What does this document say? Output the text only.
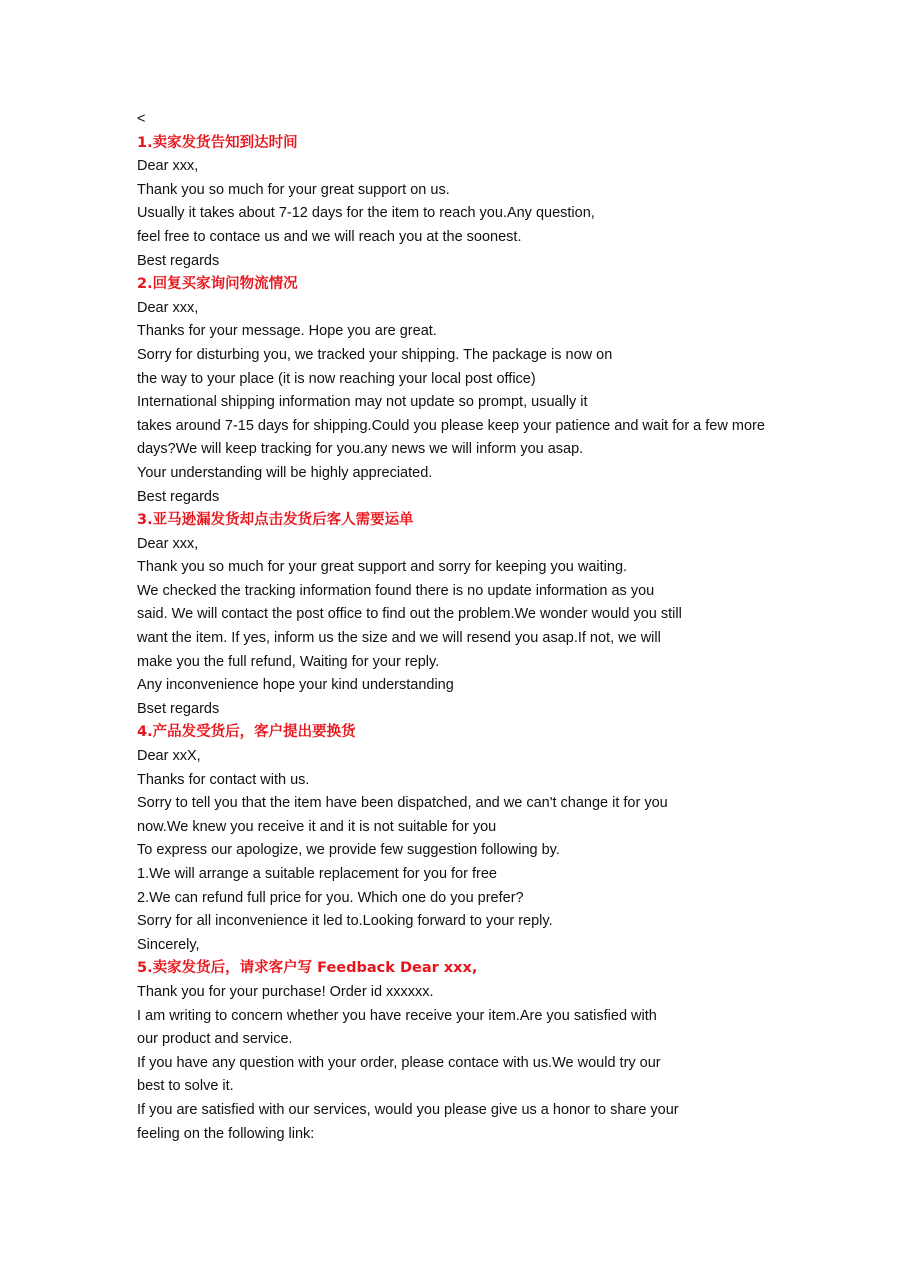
<
1.卖家发货告知到达时间
Dear xxx,
Thank you so much for your great support on us.
Usually it takes about 7-12 days for the item to reach you.Any question,
feel free to contace us and we will reach you at the soonest.
Best regards
2.回复买家询问物流情况
Dear xxx,
Thanks for your message. Hope you are great.
Sorry for disturbing you, we tracked your shipping. The package is now on
the way to your place (it is now reaching your local post office)
International shipping information may not update so prompt, usually it
takes around 7-15 days for shipping.Could you please keep your patience and wait for a few more
days?We will keep tracking for you.any news we will inform you asap.
Your understanding will be highly appreciated.
Best regards
3.亚马逊漏发货却点击发货后客人需要运单
Dear xxx,
Thank you so much for your great support and sorry for keeping you waiting.
We checked the tracking information found there is no update information as you
said. We will contact the post office to find out the problem.We wonder would you still
want the item. If yes, inform us the size and we will resend you asap.If not, we will
make you the full refund, Waiting for your reply.
Any inconvenience hope your kind understanding
Bset regards
4.产品发受货后，客户提出要换货
Dear xxX,
Thanks for contact with us.
Sorry to tell you that the item have been dispatched, and we can't change it for you
now.We knew you receive it and it is not suitable for you
To express our apologize, we provide few suggestion following by.
1.We will arrange a suitable replacement for you for free
2.We can refund full price for you. Which one do you prefer?
Sorry for all inconvenience it led to.Looking forward to your reply.
Sincerely,
5.卖家发货后，请求客户写 Feedback Dear xxx,
Thank you for your purchase! Order id xxxxxx.
I am writing to concern whether you have receive your item.Are you satisfied with
our product and service.
If you have any question with your order, please contace with us.We would try our
best to solve it.
If you are satisfied with our services, would you please give us a honor to share your
feeling on the following link:
